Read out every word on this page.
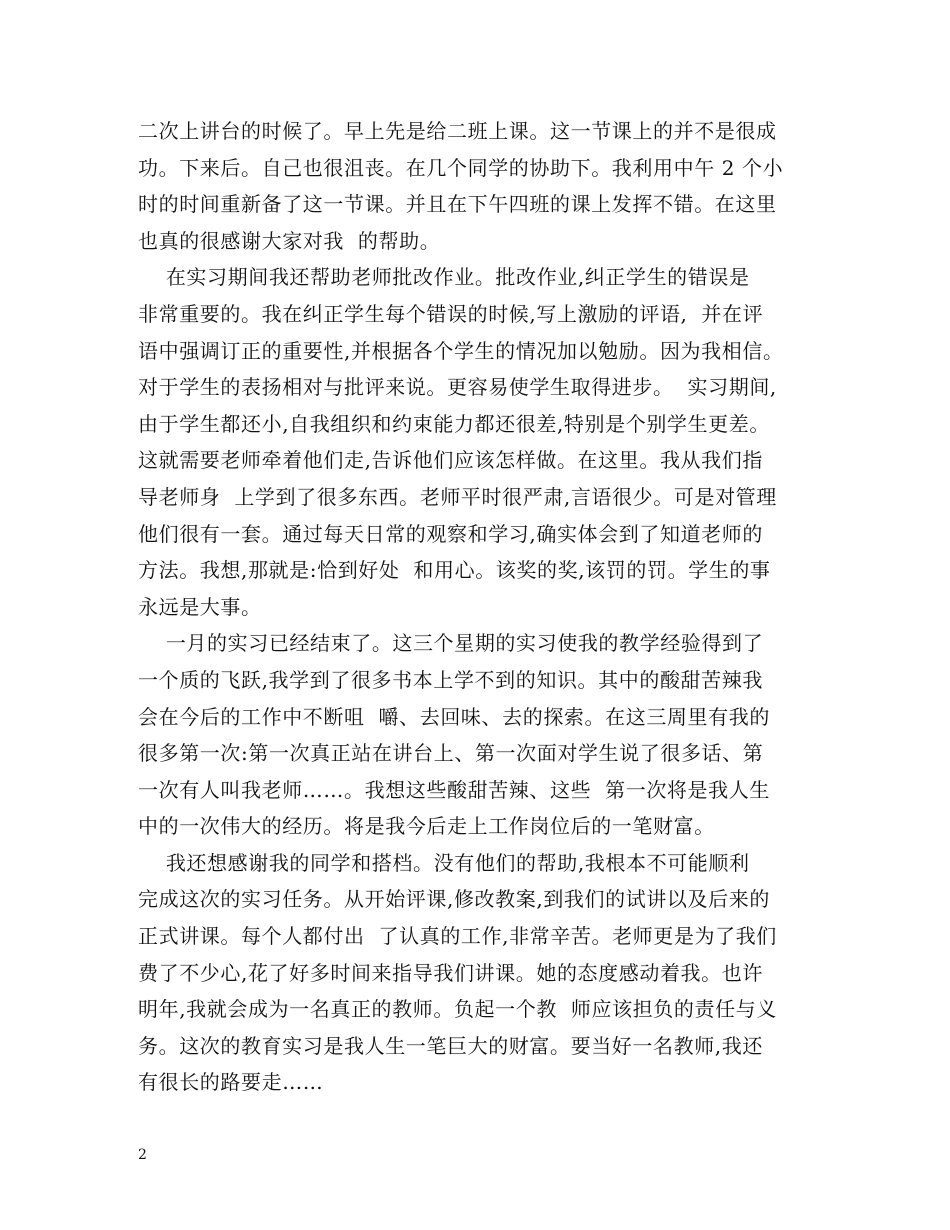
二次上讲台的时候了。早上先是给二班上课。这一节课上的并不是很成
功。下来后。自己也很沮丧。在几个同学的协助下。我利用中午 2 个小
时的时间重新备了这一节课。并且在下午四班的课上发挥不错。在这里
也真的很感谢大家对我  的帮助。
在实习期间我还帮助老师批改作业。批改作业,纠正学生的错误是
非常重要的。我在纠正学生每个错误的时候,写上激励的评语,  并在评
语中强调订正的重要性,并根据各个学生的情况加以勉励。因为我相信。
对于学生的表扬相对与批评来说。更容易使学生取得进步。  实习期间,
由于学生都还小,自我组织和约束能力都还很差,特别是个别学生更差。
这就需要老师牵着他们走,告诉他们应该怎样做。在这里。我从我们指
导老师身  上学到了很多东西。老师平时很严肃,言语很少。可是对管理
他们很有一套。通过每天日常的观察和学习,确实体会到了知道老师的
方法。我想,那就是:恰到好处  和用心。该奖的奖,该罚的罚。学生的事
永远是大事。
一月的实习已经结束了。这三个星期的实习使我的教学经验得到了
一个质的飞跃,我学到了很多书本上学不到的知识。其中的酸甜苦辣我
会在今后的工作中不断咀  嚼、去回味、去的探索。在这三周里有我的
很多第一次:第一次真正站在讲台上、第一次面对学生说了很多话、第
一次有人叫我老师……。我想这些酸甜苦辣、这些  第一次将是我人生
中的一次伟大的经历。将是我今后走上工作岗位后的一笔财富。
我还想感谢我的同学和搭档。没有他们的帮助,我根本不可能顺利
完成这次的实习任务。从开始评课,修改教案,到我们的试讲以及后来的
正式讲课。每个人都付出  了认真的工作,非常辛苦。老师更是为了我们
费了不少心,花了好多时间来指导我们讲课。她的态度感动着我。也许
明年,我就会成为一名真正的教师。负起一个教  师应该担负的责任与义
务。这次的教育实习是我人生一笔巨大的财富。要当好一名教师,我还
有很长的路要走……
2
